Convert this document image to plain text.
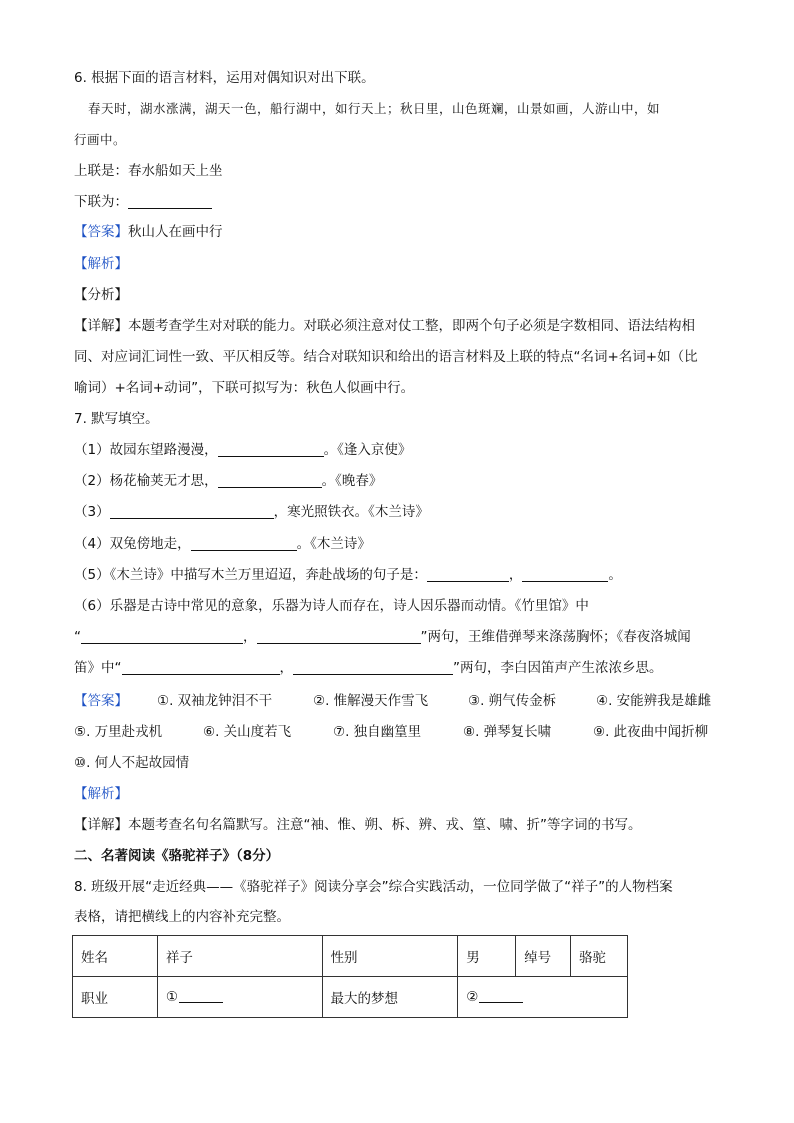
6. 根据下面的语言材料，运用对偶知识对出下联。
春天时，湖水涨满，湖天一色，船行湖中，如行天上；秋日里，山色斑斓，山景如画，人游山中，如
行画中。
上联是：春水船如天上坐
下联为：
【答案】秋山人在画中行
【解析】
【分析】
【详解】本题考查学生对对联的能力。对联必须注意对仗工整，即两个句子必须是字数相同、语法结构相
同、对应词汇词性一致、平仄相反等。结合对联知识和给出的语言材料及上联的特点“名词+名词+如（比
喻词）+名词+动词”，下联可拟写为：秋色人似画中行。
7. 默写填空。
（1）故园东望路漫漫，	。《逢入京使》
（2）杨花榆荚无才思，	。《晚春》
（3）	，寒光照铁衣。《木兰诗》
（4）双兔傍地走，	。《木兰诗》
（5）《木兰诗》中描写木兰万里迢迢，奔赴战场的句子是：	，	。
（6）乐器是古诗中常见的意象，乐器为诗人而存在，诗人因乐器而动情。《竹里馆》中
“	，	”两句，王维借弹琴来涤荡胸怀；《春夜洛城闻
笛》中“	，	”两句，李白因笛声产生浓浓乡思。
【答案】 ①. 双袖龙钟泪不干	②. 惟解漫天作雪飞	③. 朔气传金柝	④. 安能辨我是雄雌
⑤. 万里赴戎机	⑥. 关山度若飞	⑦. 独自幽篁里	⑧. 弹琴复长啸	⑨. 此夜曲中闻折柳
⑩. 何人不起故园情
【解析】
【详解】本题考查名句名篇默写。注意“袖、惟、朔、柝、辨、戎、篁、啸、折”等字词的书写。
二、名著阅读《骆驼祥子》（8分）
8. 班级开展“走近经典——《骆驼祥子》阅读分享会”综合实践活动，一位同学做了“祥子”的人物档案
表格，请把横线上的内容补充完整。
姓名	祥子	性别	男	绰号	骆驼
职业	①	最大的梦想	②		
